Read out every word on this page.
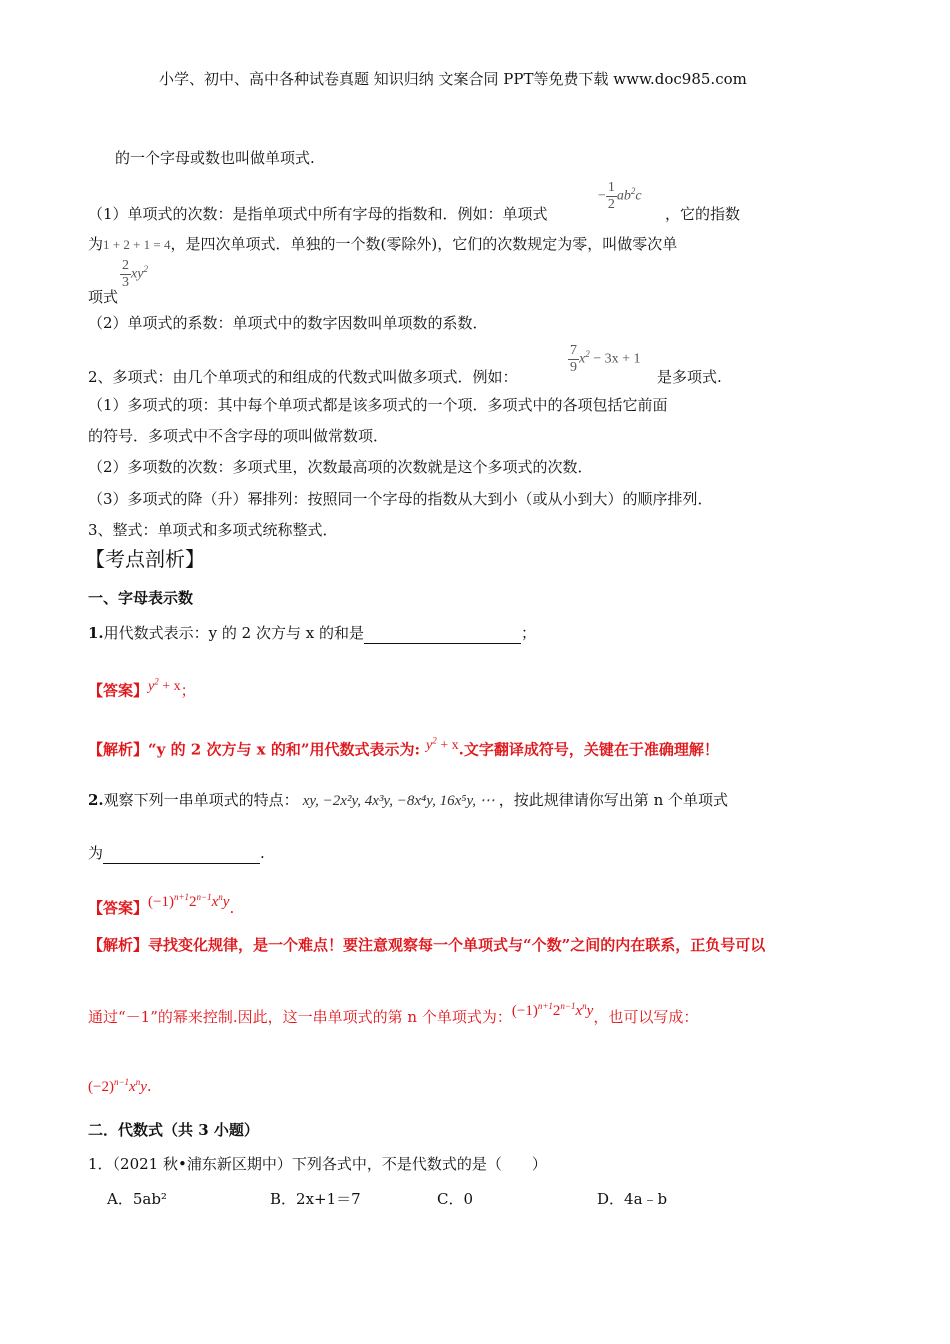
小学、初中、高中各种试卷真题 知识归纳 文案合同 PPT等免费下载 www.doc985.com
的一个字母或数也叫做单项式.
（1）单项式的次数：是指单项式中所有字母的指数和．例如：单项式
− $\frac{1}{2} ab^2c$
，它的指数
为1 + 2 + 1 = 4，是四次单项式．单独的一个数(零除外)，它们的次数规定为零，叫做零次单
项式
$\frac{2}{3} xy^2$
（2）单项式的系数：单项式中的数字因数叫单项数的系数．
2、多项式：由几个单项式的和组成的代数式叫做多项式．例如：
$\frac{7}{9} x^2 - 3x + 1$
是多项式.
（1）多项式的项：其中每个单项式都是该多项式的一个项．多项式中的各项包括它前面
的符号．多项式中不含字母的项叫做常数项．
（2）多项数的次数：多项式里，次数最高项的次数就是这个多项式的次数．
（3）多项式的降（升）幂排列：按照同一个字母的指数从大到小（或从小到大）的顺序排列．
3、整式：单项式和多项式统称整式．
【考点剖析】
一、字母表示数
1.用代数式表示：y 的 2 次方与 x 的和是	；
【答案】$y^2 + x$；
【解析】“y 的 2 次方与 x 的和”用代数式表示为: $y^2 + x$.文字翻译成符号，关键在于准确理解！
2.观察下列一串单项式的特点： xy, −2x²y, 4x³y, −8x⁴y, 16x⁵y, ⋯ ，按此规律请你写出第 n 个单项式
为	.
【答案】$(-1)^{n+1}2^{n-1}x^ny$.
【解析】寻找变化规律，是一个难点！要注意观察每一个单项式与“个数”之间的内在联系，正负号可以
通过“－1”的幂来控制.因此，这一串单项式的第 n 个单项式为：$(-1)^{n+1}2^{n-1}x^ny$，也可以写成：
$(-2)^{n-1}x^ny$.
二．代数式（共 3 小题）
1．（2021 秋•浦东新区期中）下列各式中，不是代数式的是（　　）
A．5ab²	B．2x+1＝7	C．0	D．4a﹣b
